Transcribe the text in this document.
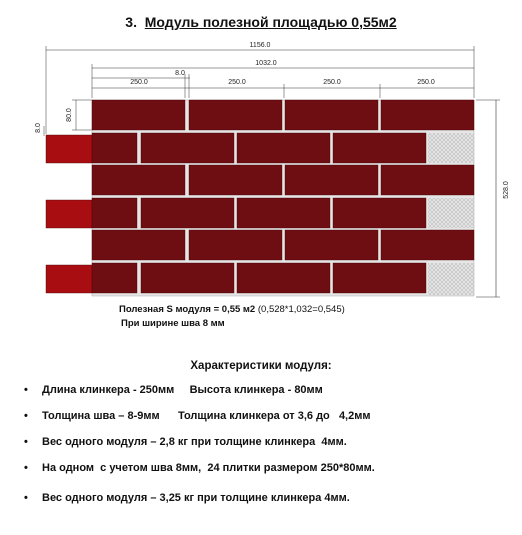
3. Модуль полезной площадью 0,55м2
1156.0
1032.0
8.0
250.0	250.0	250.0	250.0
80.0
8.0
528.0
Полезная S модуля = 0,55 м2 (0,528*1,032=0,545)
При ширине шва 8 мм
Характеристики модуля:
• Длина клинкера - 250мм     Высота клинкера - 80мм
• Толщина шва – 8-9мм      Толщина клинкера от 3,6 до   4,2мм
• Вес одного модуля – 2,8 кг при толщине клинкера  4мм.
• На одном  с учетом шва 8мм,  24 плитки размером 250*80мм.
• Вес одного модуля – 3,25 кг при толщине клинкера 4мм.
